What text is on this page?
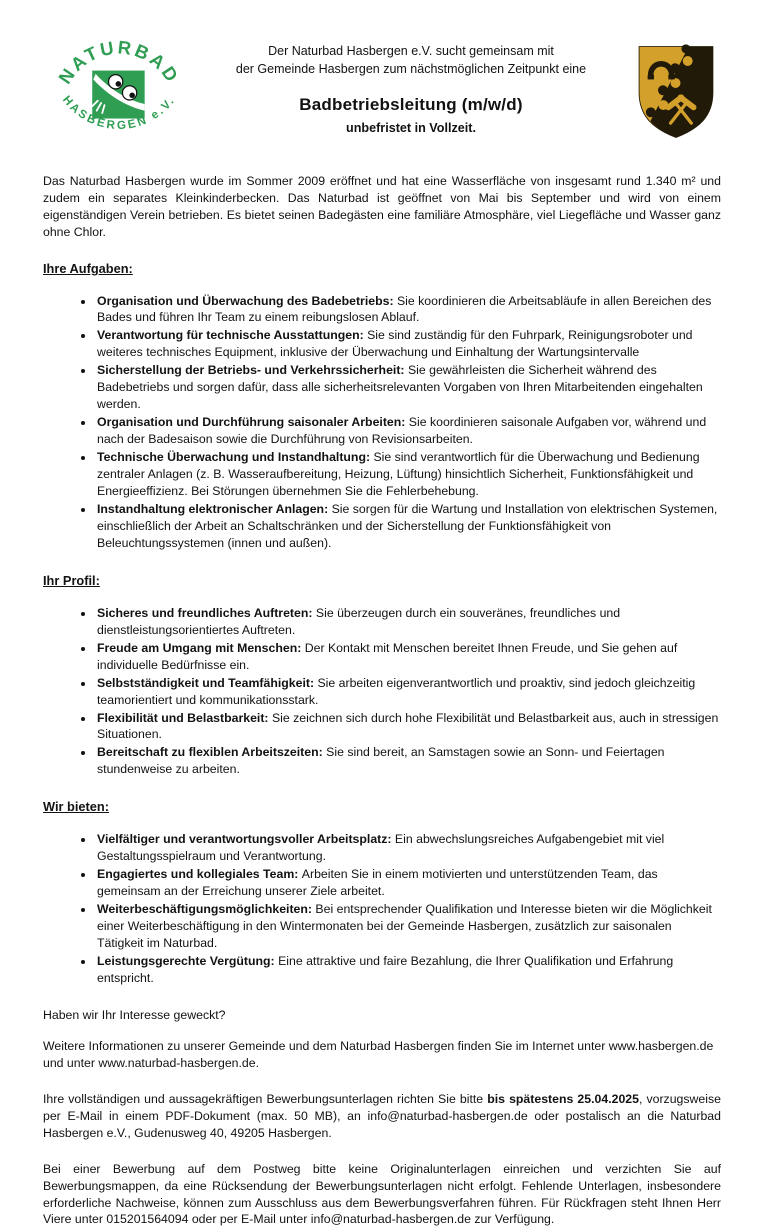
NATURBAD
HASBERGEN e.V.
Der Naturbad Hasbergen e.V. sucht gemeinsam mit
der Gemeinde Hasbergen zum nächstmöglichen Zeitpunkt eine
Badbetriebsleitung (m/w/d)
unbefristet in Vollzeit.

Das Naturbad Hasbergen wurde im Sommer 2009 eröffnet und hat eine Wasserfläche von insgesamt rund 1.340 m² und zudem ein separates Kleinkinderbecken. Das Naturbad ist geöffnet von Mai bis September und wird von einem eigenständigen Verein betrieben. Es bietet seinen Badegästen eine familiäre Atmosphäre, viel Liegefläche und Wasser ganz ohne Chlor.

Ihre Aufgaben:
• Organisation und Überwachung des Badebetriebs: Sie koordinieren die Arbeitsabläufe in allen Bereichen des Bades und führen Ihr Team zu einem reibungslosen Ablauf.
• Verantwortung für technische Ausstattungen: Sie sind zuständig für den Fuhrpark, Reinigungsroboter und weiteres technisches Equipment, inklusive der Überwachung und Einhaltung der Wartungsintervalle
• Sicherstellung der Betriebs- und Verkehrssicherheit: Sie gewährleisten die Sicherheit während des Badebetriebs und sorgen dafür, dass alle sicherheitsrelevanten Vorgaben von Ihren Mitarbeitenden eingehalten werden.
• Organisation und Durchführung saisonaler Arbeiten: Sie koordinieren saisonale Aufgaben vor, während und nach der Badesaison sowie die Durchführung von Revisionsarbeiten.
• Technische Überwachung und Instandhaltung: Sie sind verantwortlich für die Überwachung und Bedienung zentraler Anlagen (z. B. Wasseraufbereitung, Heizung, Lüftung) hinsichtlich Sicherheit, Funktionsfähigkeit und Energieeffizienz. Bei Störungen übernehmen Sie die Fehlerbehebung.
• Instandhaltung elektronischer Anlagen: Sie sorgen für die Wartung und Installation von elektrischen Systemen, einschließlich der Arbeit an Schaltschränken und der Sicherstellung der Funktionsfähigkeit von Beleuchtungssystemen (innen und außen).
Ihr Profil:
• Sicheres und freundliches Auftreten: Sie überzeugen durch ein souveränes, freundliches und dienstleistungsorientiertes Auftreten.
• Freude am Umgang mit Menschen: Der Kontakt mit Menschen bereitet Ihnen Freude, und Sie gehen auf individuelle Bedürfnisse ein.
• Selbstständigkeit und Teamfähigkeit: Sie arbeiten eigenverantwortlich und proaktiv, sind jedoch gleichzeitig teamorientiert und kommunikationsstark.
• Flexibilität und Belastbarkeit: Sie zeichnen sich durch hohe Flexibilität und Belastbarkeit aus, auch in stressigen Situationen.
• Bereitschaft zu flexiblen Arbeitszeiten: Sie sind bereit, an Samstagen sowie an Sonn- und Feiertagen stundenweise zu arbeiten.
Wir bieten:
• Vielfältiger und verantwortungsvoller Arbeitsplatz: Ein abwechslungsreiches Aufgabengebiet mit viel Gestaltungsspielraum und Verantwortung.
• Engagiertes und kollegiales Team: Arbeiten Sie in einem motivierten und unterstützenden Team, das gemeinsam an der Erreichung unserer Ziele arbeitet.
• Weiterbeschäftigungsmöglichkeiten: Bei entsprechender Qualifikation und Interesse bieten wir die Möglichkeit einer Weiterbeschäftigung in den Wintermonaten bei der Gemeinde Hasbergen, zusätzlich zur saisonalen Tätigkeit im Naturbad.
• Leistungsgerechte Vergütung: Eine attraktive und faire Bezahlung, die Ihrer Qualifikation und Erfahrung entspricht.

Haben wir Ihr Interesse geweckt?

Weitere Informationen zu unserer Gemeinde und dem Naturbad Hasbergen finden Sie im Internet unter www.hasbergen.de und unter www.naturbad-hasbergen.de.

Ihre vollständigen und aussagekräftigen Bewerbungsunterlagen richten Sie bitte bis spätestens 25.04.2025, vorzugsweise per E-Mail in einem PDF-Dokument (max. 50 MB), an info@naturbad-hasbergen.de oder postalisch an die Naturbad Hasbergen e.V., Gudenusweg 40, 49205 Hasbergen.

Bei einer Bewerbung auf dem Postweg bitte keine Originalunterlagen einreichen und verzichten Sie auf Bewerbungsmappen, da eine Rücksendung der Bewerbungsunterlagen nicht erfolgt. Fehlende Unterlagen, insbesondere erforderliche Nachweise, können zum Ausschluss aus dem Bewerbungsverfahren führen. Für Rückfragen steht Ihnen Herr Viere unter 015201564094 oder per E-Mail unter info@naturbad-hasbergen.de zur Verfügung.
